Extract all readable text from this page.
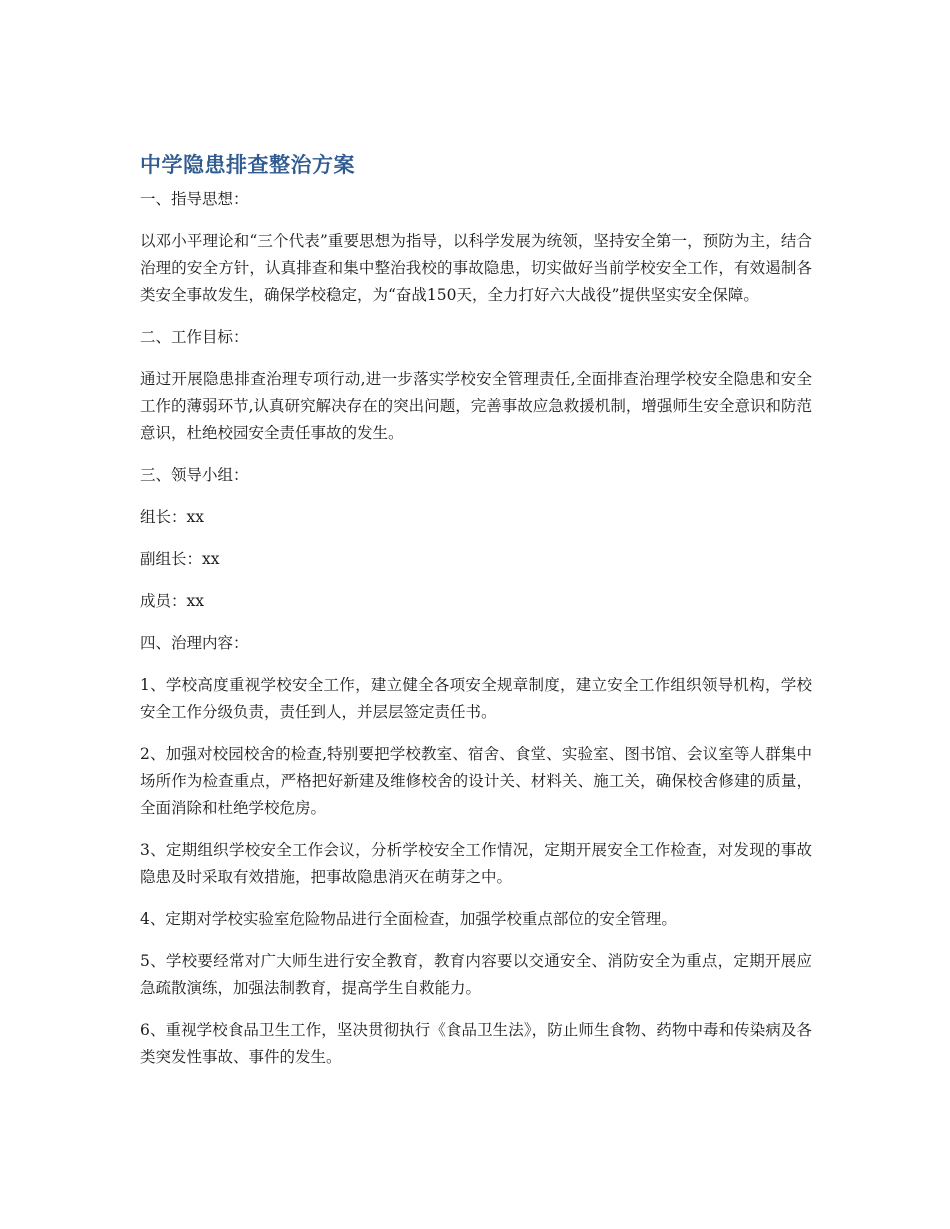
中学隐患排查整治方案

一、指导思想：

以邓小平理论和“三个代表”重要思想为指导，以科学发展为统领，坚持安全第一，预防为主，结合治理的安全方针，认真排查和集中整治我校的事故隐患，切实做好当前学校安全工作，有效遏制各类安全事故发生，确保学校稳定，为“奋战150天，全力打好六大战役”提供坚实安全保障。

二、工作目标：

通过开展隐患排查治理专项行动,进一步落实学校安全管理责任,全面排查治理学校安全隐患和安全工作的薄弱环节,认真研究解决存在的突出问题，完善事故应急救援机制，增强师生安全意识和防范意识，杜绝校园安全责任事故的发生。

三、领导小组：

组长：xx

副组长：xx

成员：xx

四、治理内容：

1、学校高度重视学校安全工作，建立健全各项安全规章制度，建立安全工作组织领导机构，学校安全工作分级负责，责任到人，并层层签定责任书。

2、加强对校园校舍的检查,特别要把学校教室、宿舍、食堂、实验室、图书馆、会议室等人群集中场所作为检查重点，严格把好新建及维修校舍的设计关、材料关、施工关，确保校舍修建的质量，全面消除和杜绝学校危房。

3、定期组织学校安全工作会议，分析学校安全工作情况，定期开展安全工作检查，对发现的事故隐患及时采取有效措施，把事故隐患消灭在萌芽之中。

4、定期对学校实验室危险物品进行全面检查，加强学校重点部位的安全管理。

5、学校要经常对广大师生进行安全教育，教育内容要以交通安全、消防安全为重点，定期开展应急疏散演练，加强法制教育，提高学生自救能力。

6、重视学校食品卫生工作，坚决贯彻执行《食品卫生法》，防止师生食物、药物中毒和传染病及各类突发性事故、事件的发生。
